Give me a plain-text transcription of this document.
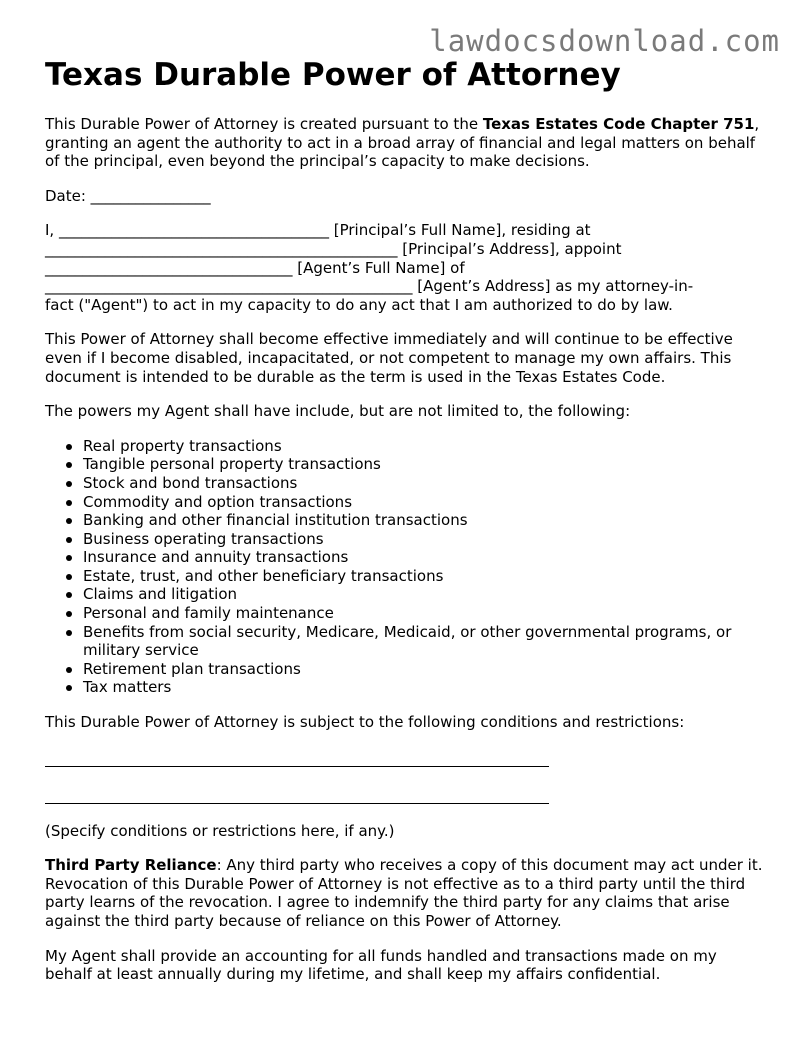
lawdocsdownload.com
Texas Durable Power of Attorney

This Durable Power of Attorney is created pursuant to the Texas Estates Code Chapter 751, granting an agent the authority to act in a broad array of financial and legal matters on behalf of the principal, even beyond the principal’s capacity to make decisions.

Date: ________________

I, ____________________________________ [Principal’s Full Name], residing at
_______________________________________________ [Principal’s Address], appoint
_________________________________ [Agent’s Full Name] of
_________________________________________________ [Agent’s Address] as my attorney-in-
fact ("Agent") to act in my capacity to do any act that I am authorized to do by law.

This Power of Attorney shall become effective immediately and will continue to be effective even if I become disabled, incapacitated, or not competent to manage my own affairs. This document is intended to be durable as the term is used in the Texas Estates Code.

The powers my Agent shall have include, but are not limited to, the following:

Real property transactions
Tangible personal property transactions
Stock and bond transactions
Commodity and option transactions
Banking and other financial institution transactions
Business operating transactions
Insurance and annuity transactions
Estate, trust, and other beneficiary transactions
Claims and litigation
Personal and family maintenance
Benefits from social security, Medicare, Medicaid, or other governmental programs, or military service
Retirement plan transactions
Tax matters

This Durable Power of Attorney is subject to the following conditions and restrictions:

(Specify conditions or restrictions here, if any.)

Third Party Reliance: Any third party who receives a copy of this document may act under it. Revocation of this Durable Power of Attorney is not effective as to a third party until the third party learns of the revocation. I agree to indemnify the third party for any claims that arise against the third party because of reliance on this Power of Attorney.

My Agent shall provide an accounting for all funds handled and transactions made on my behalf at least annually during my lifetime, and shall keep my affairs confidential.
